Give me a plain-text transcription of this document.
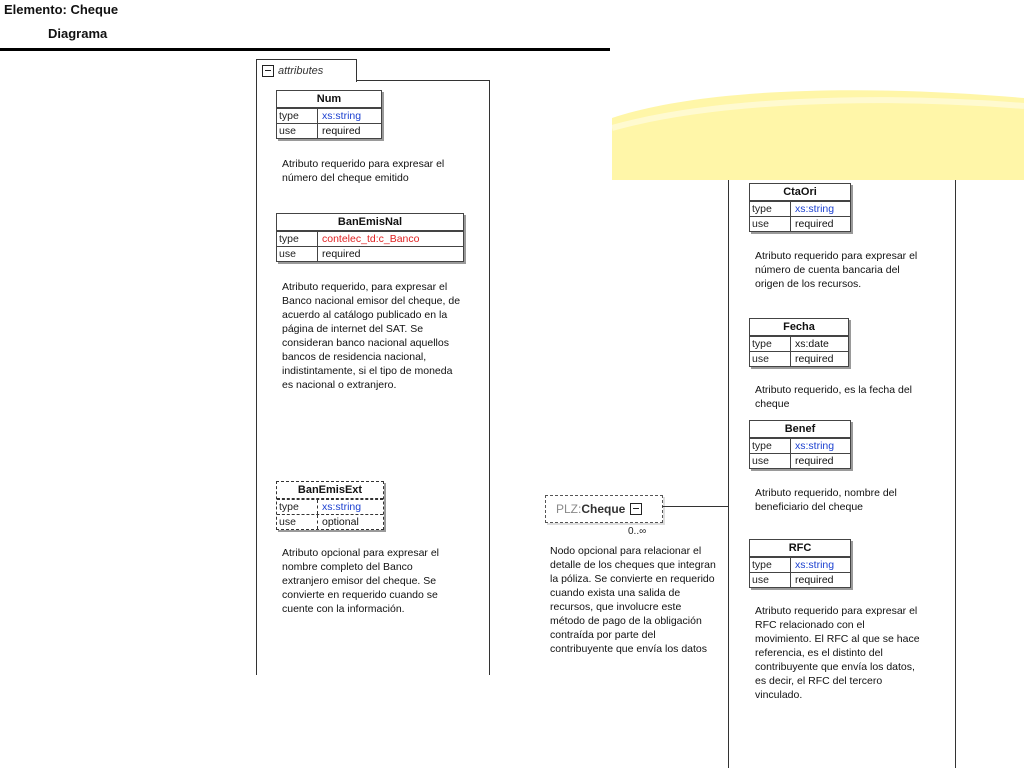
Elemento: Cheque
Diagrama
attributes
Num
type	xs:string
use	required
Atributo requerido para expresar el número del cheque emitido
BanEmisNal
type	contelec_td:c_Banco
use	required
Atributo requerido, para expresar el Banco nacional emisor del cheque, de acuerdo al catálogo publicado en la página de internet del SAT. Se consideran banco nacional aquellos bancos de residencia nacional, indistintamente, si el tipo de moneda es nacional o extranjero.
BanEmisExt
type	xs:string
use	optional
Atributo opcional para expresar el nombre completo del Banco extranjero emisor del cheque. Se convierte en requerido cuando se cuente con la información.
PLZ: Cheque
0..∞
Nodo opcional para relacionar el detalle de los cheques que integran la póliza. Se convierte en requerido cuando exista una salida de recursos, que involucre este método de pago de la obligación contraída por parte del contribuyente que envía los datos
CtaOri
type	xs:string
use	required
Atributo requerido para expresar el número de cuenta bancaria del origen de los recursos.
Fecha
type	xs:date
use	required
Atributo requerido, es la fecha del cheque
Benef
type	xs:string
use	required
Atributo requerido, nombre del beneficiario del cheque
RFC
type	xs:string
use	required
Atributo requerido para expresar el RFC relacionado con el movimiento. El RFC al que se hace referencia, es el distinto del contribuyente que envía los datos, es decir, el RFC del tercero vinculado.
